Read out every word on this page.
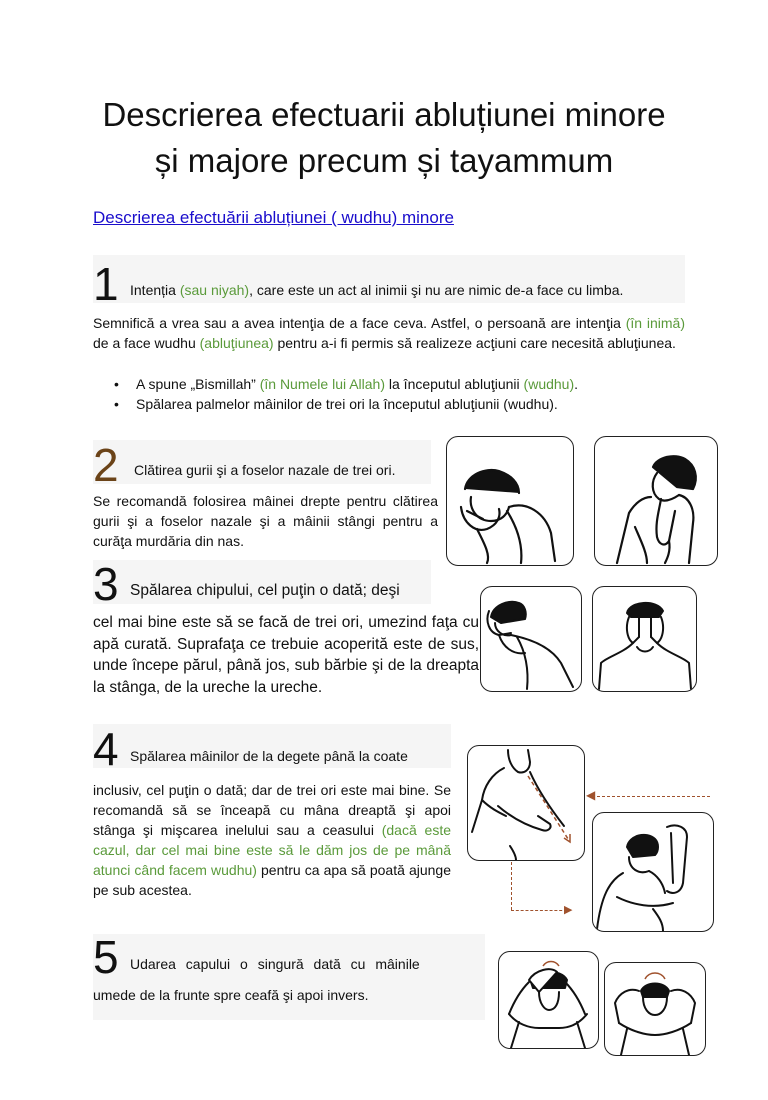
Descrierea efectuarii abluțiunei minore
și majore precum și tayammum
Descrierea efectuării abluțiunei ( wudhu) minore
1 Intenția (sau niyah), care este un act al inimii şi nu are nimic de-a face cu limba.
Semnifică a vrea sau a avea intenţia de a face ceva. Astfel, o persoană are intenţia (în inimă) de a face wudhu (abluţiunea) pentru a-i fi permis să realizeze acţiuni care necesită abluţiunea.
• A spune „Bismillah” (în Numele lui Allah) la începutul abluţiunii (wudhu).
• Spălarea palmelor mâinilor de trei ori la începutul abluţiunii (wudhu).
2 Clătirea gurii şi a foselor nazale de trei ori.
Se recomandă folosirea mâinei drepte pentru clătirea gurii şi a foselor nazale şi a mâinii stângi pentru a curăţa murdăria din nas.
3 Spălarea chipului, cel puţin o dată; deşi
cel mai bine este să se facă de trei ori, umezind faţa cu apă curată. Suprafaţa ce trebuie acoperită este de sus, unde începe părul, până jos, sub bărbie şi de la dreapta la stânga, de la ureche la ureche.
4 Spălarea mâinilor de la degete până la coate
inclusiv, cel puţin o dată; dar de trei ori este mai bine. Se recomandă să se înceapă cu mâna dreaptă şi apoi stânga şi mişcarea inelului sau a ceasului (dacă este cazul, dar cel mai bine este să le dăm jos de pe mână atunci când facem wudhu) pentru ca apa să poată ajunge pe sub acestea.
◀
▶
5 Udarea capului o singură dată cu mâinile
umede de la frunte spre ceafă şi apoi invers.
